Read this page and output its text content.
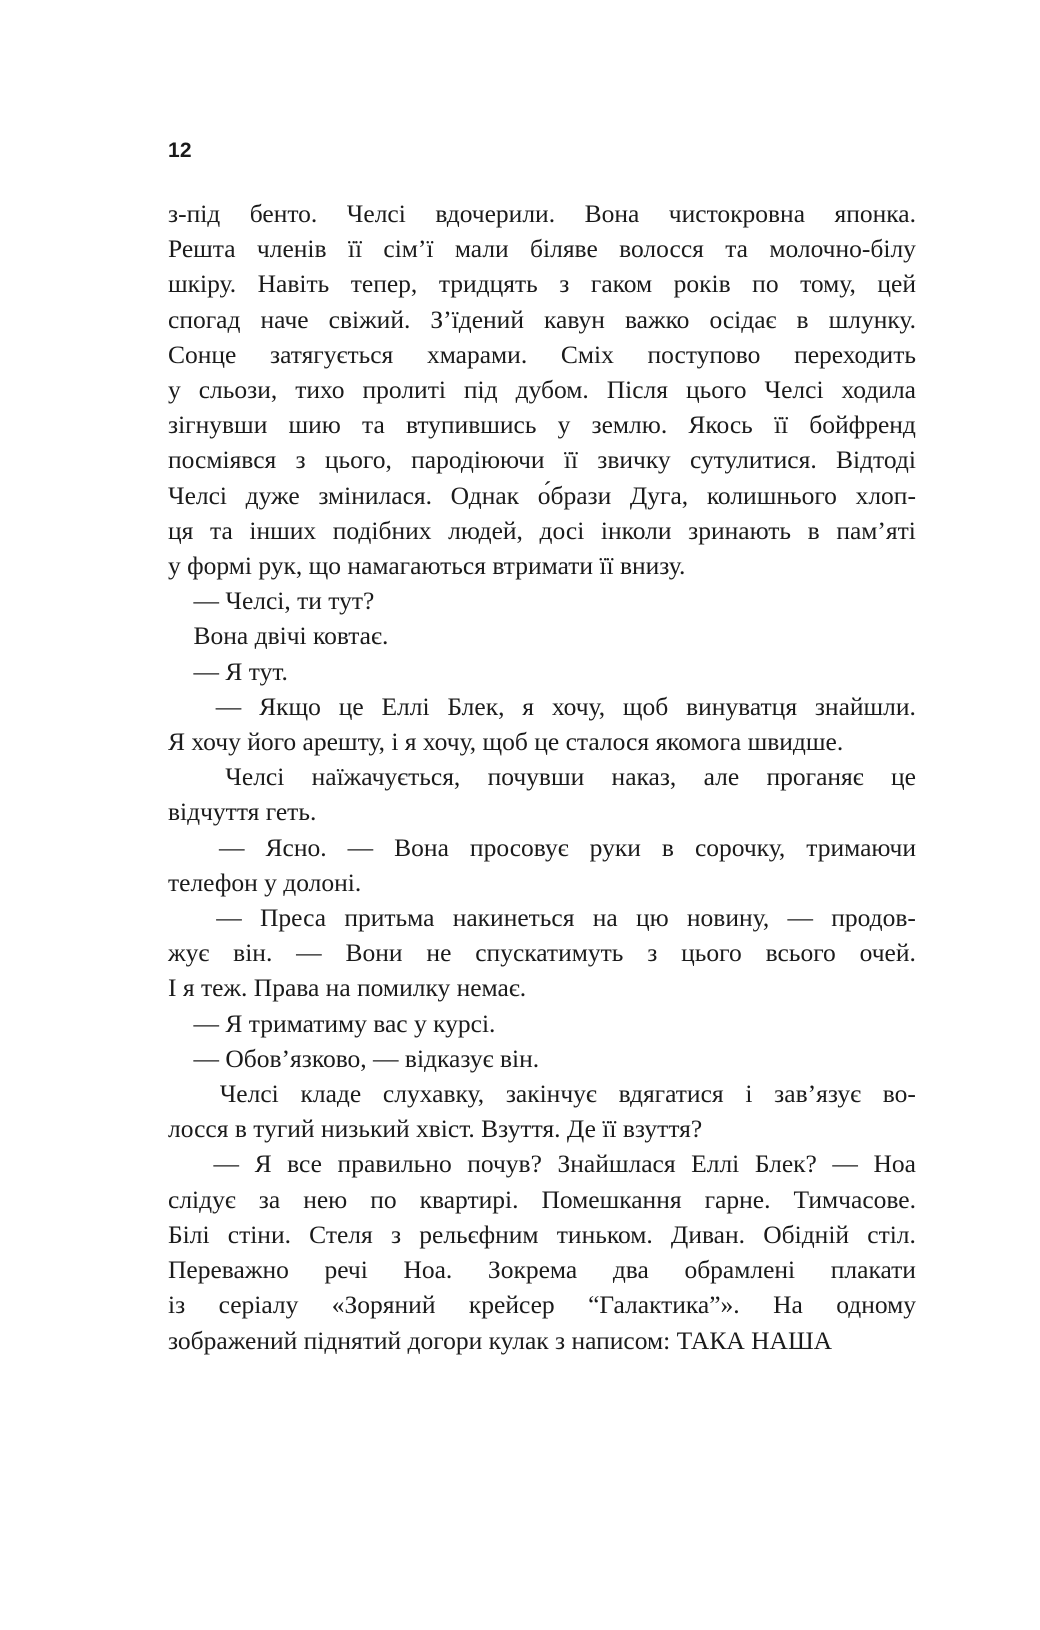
12
з-під бенто. Челсі вдочерили. Вона чистокровна японка.
Решта членів її сім’ї мали біляве волосся та молочно-білу
шкіру. Навіть тепер, тридцять з гаком років по тому, цей
спогад наче свіжий. З’їдений кавун важко осідає в шлунку.
Сонце затягується хмарами. Сміх поступово переходить
у сльози, тихо пролиті під дубом. Після цього Челсі ходила
зігнувши шию та втупившись у землю. Якось її бойфренд
посміявся з цього, пародіюючи її звичку сутулитися. Відтоді
Челсі дуже змінилася. Однак о́брази Дуга, колишнього хлоп-
ця та інших подібних людей, досі інколи зринають в пам’яті
у формі рук, що намагаються втримати її внизу.
 — Челсі, ти тут?
 Вона двічі ковтає.
 — Я тут.
— Якщо це Еллі Блек, я хочу, щоб винуватця знайшли.
Я хочу його арешту, і я хочу, щоб це сталося якомога швидше.
Челсі наїжачується, почувши наказ, але проганяє це
відчуття геть.
— Ясно. — Вона просовує руки в сорочку, тримаючи
телефон у долоні.
— Преса притьма накинеться на цю новину, — продов-
жує він. — Вони не спускатимуть з цього всього очей.
І я теж. Права на помилку немає.
 — Я триматиму вас у курсі.
 — Обов’язково, — відказує він.
Челсі кладе слухавку, закінчує вдягатися і зав’язує во-
лосся в тугий низький хвіст. Взуття. Де її взуття?
— Я все правильно почув? Знайшлася Еллі Блек? — Ноа
слідує за нею по квартирі. Помешкання гарне. Тимчасове.
Білі стіни. Стеля з рельєфним тиньком. Диван. Обідній стіл.
Переважно речі Ноа. Зокрема два обрамлені плакати
із серіалу «Зоряний крейсер “Галактика”». На одному
зображений піднятий догори кулак з написом: ТАКА НАША
